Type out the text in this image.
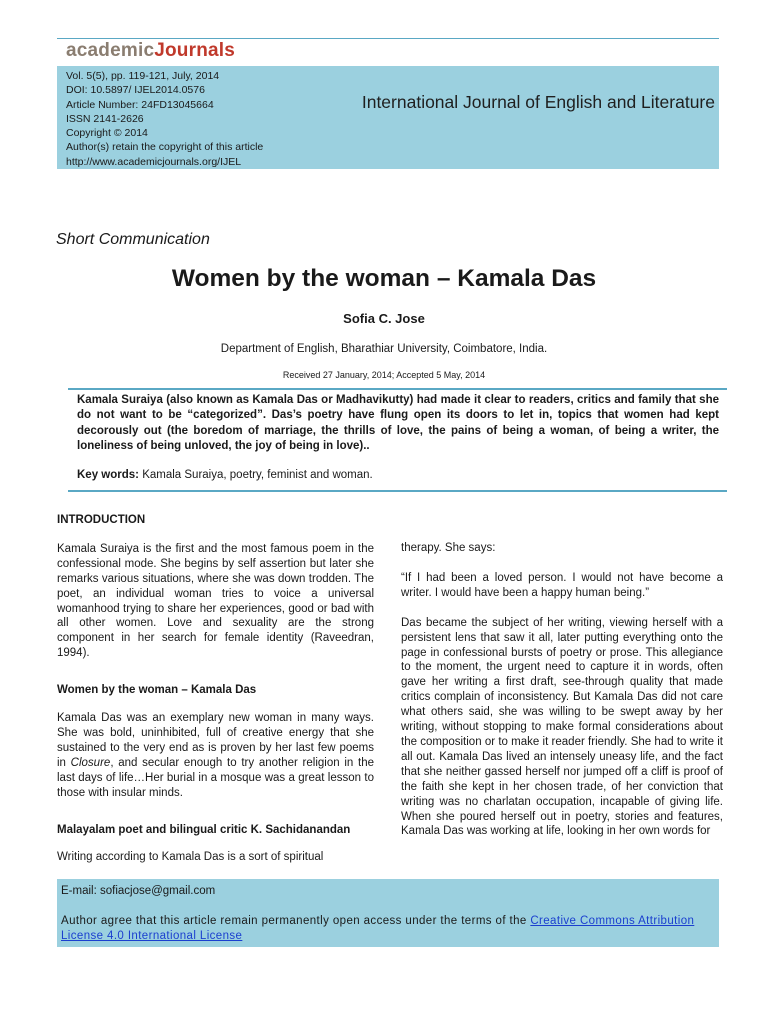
academicJournals
Vol. 5(5), pp. 119-121, July, 2014
DOI: 10.5897/ IJEL2014.0576
Article Number: 24FD13045664
ISSN 2141-2626
Copyright © 2014
Author(s) retain the copyright of this article
http://www.academicjournals.org/IJEL
International Journal of English and Literature
Short Communication
Women by the woman – Kamala Das
Sofia C. Jose
Department of English, Bharathiar University, Coimbatore, India.
Received 27 January, 2014; Accepted 5 May, 2014
Kamala Suraiya (also known as Kamala Das or Madhavikutty) had made it clear to readers, critics and family that she do not want to be “categorized”. Das’s poetry have flung open its doors to let in, topics that women had kept decorously out (the boredom of marriage, the thrills of love, the pains of being a woman, of being a writer, the loneliness of being unloved, the joy of being in love)..
Key words: Kamala Suraiya, poetry, feminist and woman.

INTRODUCTION

Kamala Suraiya is the first and the most famous poem in the confessional mode. She begins by self assertion but later she remarks various situations, where she was down trodden. The poet, an individual woman tries to voice a universal womanhood trying to share her experiences, good or bad with all other women. Love and sexuality are the strong component in her search for female identity (Raveedran, 1994).

Women by the woman – Kamala Das

Kamala Das was an exemplary new woman in many ways. She was bold, uninhibited, full of creative energy that she sustained to the very end as is proven by her last few poems in Closure, and secular enough to try another religion in the last days of life…Her burial in a mosque was a great lesson to those with insular minds.

Malayalam poet and bilingual critic K. Sachidanandan

Writing according to Kamala Das is a sort of spiritual

therapy. She says:

“If I had been a loved person. I would not have become a writer. I would have been a happy human being.”

Das became the subject of her writing, viewing herself with a persistent lens that saw it all, later putting everything onto the page in confessional bursts of poetry or prose. This allegiance to the moment, the urgent need to capture it in words, often gave her writing a first draft, see-through quality that made critics complain of inconsistency. But Kamala Das did not care what others said, she was willing to be swept away by her writing, without stopping to make formal considerations about the composition or to make it reader friendly. She had to write it all out. Kamala Das lived an intensely uneasy life, and the fact that she neither gassed herself nor jumped off a cliff is proof of the faith she kept in her chosen trade, of her conviction that writing was no charlatan occupation, incapable of giving life. When she poured herself out in poetry, stories and features, Kamala Das was working at life, looking in her own words for

E-mail: sofiacjose@gmail.com
Author agree that this article remain permanently open access under the terms of the Creative Commons Attribution License 4.0 International License
